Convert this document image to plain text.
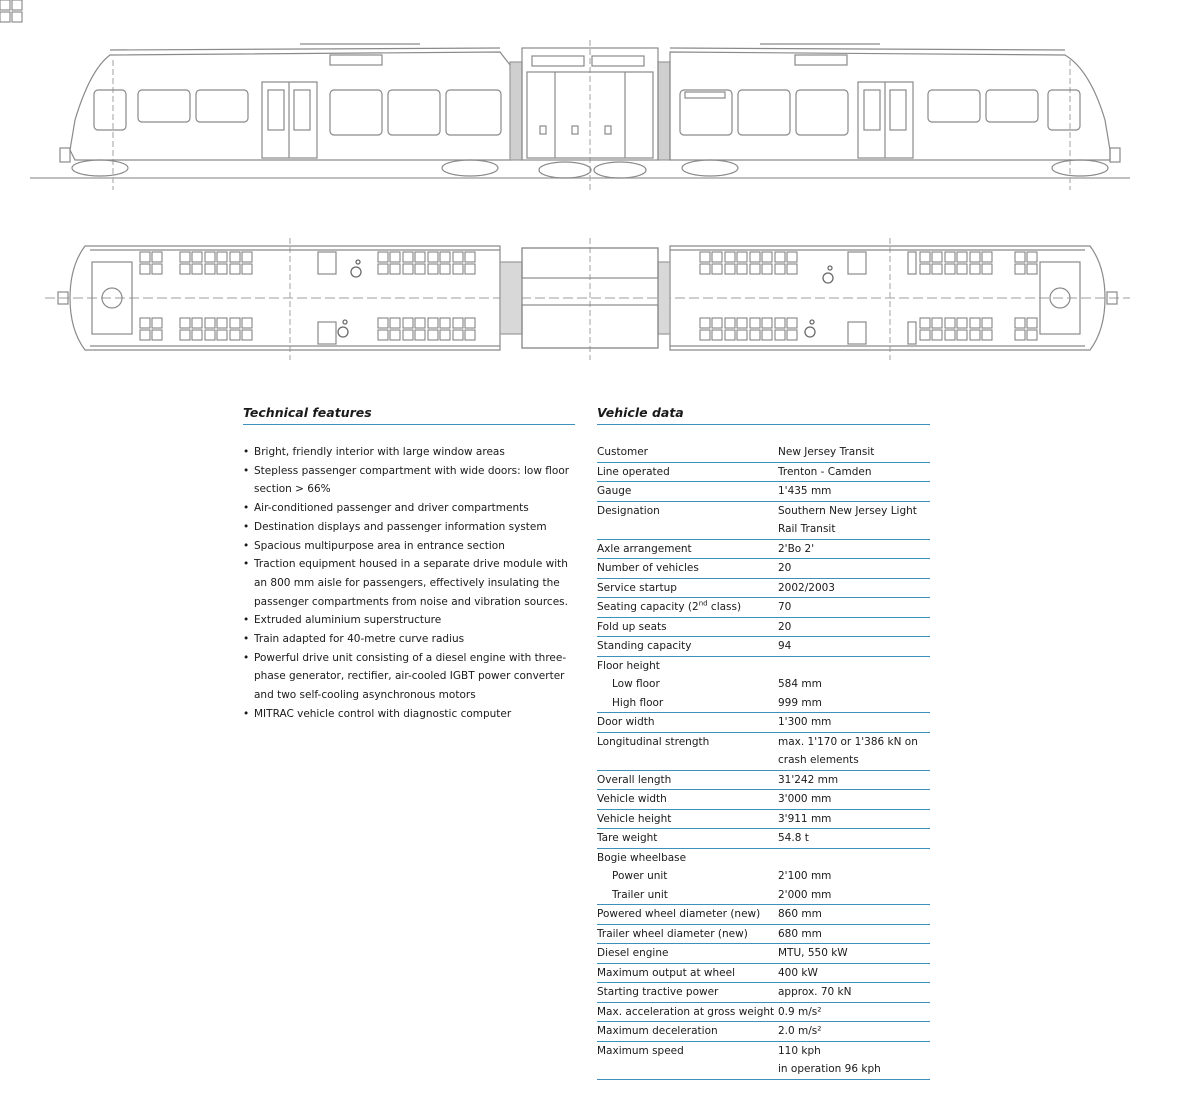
Technical features
• Bright, friendly interior with large window areas
• Stepless passenger compartment with wide doors: low floor section > 66%
• Air-conditioned passenger and driver compartments
• Destination displays and passenger information system
• Spacious multipurpose area in entrance section
• Traction equipment housed in a separate drive module with an 800 mm aisle for passengers, effectively insulating the passenger compartments from noise and vibration sources.
• Extruded aluminium superstructure
• Train adapted for 40-metre curve radius
• Powerful drive unit consisting of a diesel engine with three-phase generator, rectifier, air-cooled IGBT power converter and two self-cooling asynchronous motors
• MITRAC vehicle control with diagnostic computer
Vehicle data
Customer	New Jersey Transit
Line operated	Trenton - Camden
Gauge	1'435 mm
Designation	Southern New Jersey Light Rail Transit
Axle arrangement	2'Bo 2'
Number of vehicles	20
Service startup	2002/2003
Seating capacity (2nd class)	70
Fold up seats	20
Standing capacity	94
Floor height	
Low floor	584 mm
High floor	999 mm
Door width	1'300 mm
Longitudinal strength	max. 1'170 or 1'386 kN on crash elements
Overall length	31'242 mm
Vehicle width	3'000 mm
Vehicle height	3'911 mm
Tare weight	54.8 t
Bogie wheelbase	
Power unit	2'100 mm
Trailer unit	2'000 mm
Powered wheel diameter (new)	860 mm
Trailer wheel diameter (new)	680 mm
Diesel engine	MTU, 550 kW
Maximum output at wheel	400 kW
Starting tractive power	approx. 70 kN
Max. acceleration at gross weight	0.9 m/s²
Maximum deceleration	2.0 m/s²
Maximum speed	110 kph
	in operation 96 kph
